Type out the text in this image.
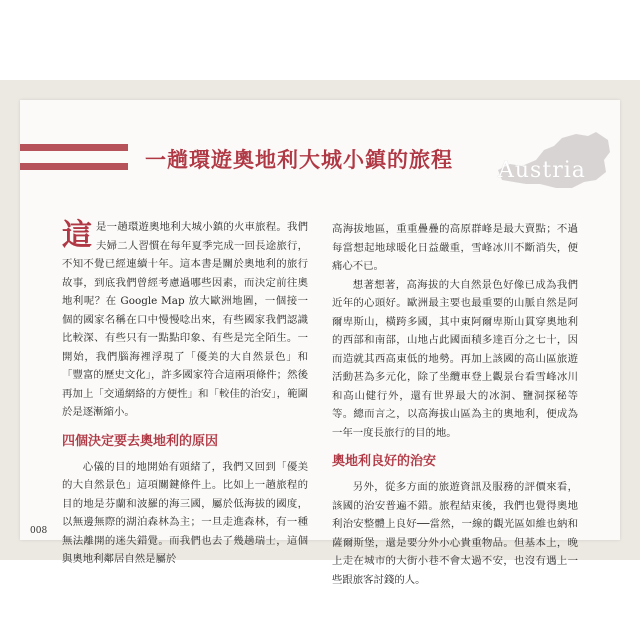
一趟環遊奧地利大城小鎮的旅程 Austria

這是一趟環遊奧地利大城小鎮的火車旅程。我們夫婦二人習慣在每年夏季完成一回長途旅行，不知不覺已經連續十年。這本書是關於奧地利的旅行故事，到底我們曾經考慮過哪些因素，而決定前往奧地利呢？在 Google Map 放大歐洲地圖，一個接一個的國家名稱在口中慢慢唸出來，有些國家我們認識比較深、有些只有一點點印象、有些是完全陌生。一開始，我們腦海裡浮現了「優美的大自然景色」和「豐富的歷史文化」，許多國家符合這兩項條件；然後再加上「交通網絡的方便性」和「較佳的治安」，範圍於是逐漸縮小。

四個決定要去奧地利的原因

心儀的目的地開始有頭緒了，我們又回到「優美的大自然景色」這項關鍵條件上。比如上一趟旅程的目的地是芬蘭和波羅的海三國，屬於低海拔的國度，以無邊無際的湖泊森林為主；一旦走進森林，有一種無法離開的迷失錯覺。而我們也去了幾趟瑞士，這個與奧地利鄰居自然是屬於

高海拔地區，重重疊疊的高原群峰是最大賣點；不過每當想起地球暖化日益嚴重，雪峰冰川不斷消失，便痛心不已。

想著想著，高海拔的大自然景色好像已成為我們近年的心頭好。歐洲最主要也最重要的山脈自然是阿爾卑斯山，橫跨多國，其中東阿爾卑斯山貫穿奧地利的西部和南部，山地占此國面積多達百分之七十，因而造就其西高東低的地勢。再加上該國的高山區旅遊活動甚為多元化，除了坐纜車登上觀景台看雪峰冰川和高山健行外，還有世界最大的冰洞、鹽洞探秘等等。總而言之，以高海拔山區為主的奧地利，便成為一年一度長旅行的目的地。

奧地利良好的治安

另外，從多方面的旅遊資訊及服務的評價來看，該國的治安普遍不錯。旅程結束後，我們也覺得奧地利治安整體上良好──當然，一線的觀光區如維也納和薩爾斯堡，還是要分外小心貴重物品。但基本上，晚上走在城市的大街小巷不會太過不安，也沒有遇上一些跟旅客討錢的人。

008
